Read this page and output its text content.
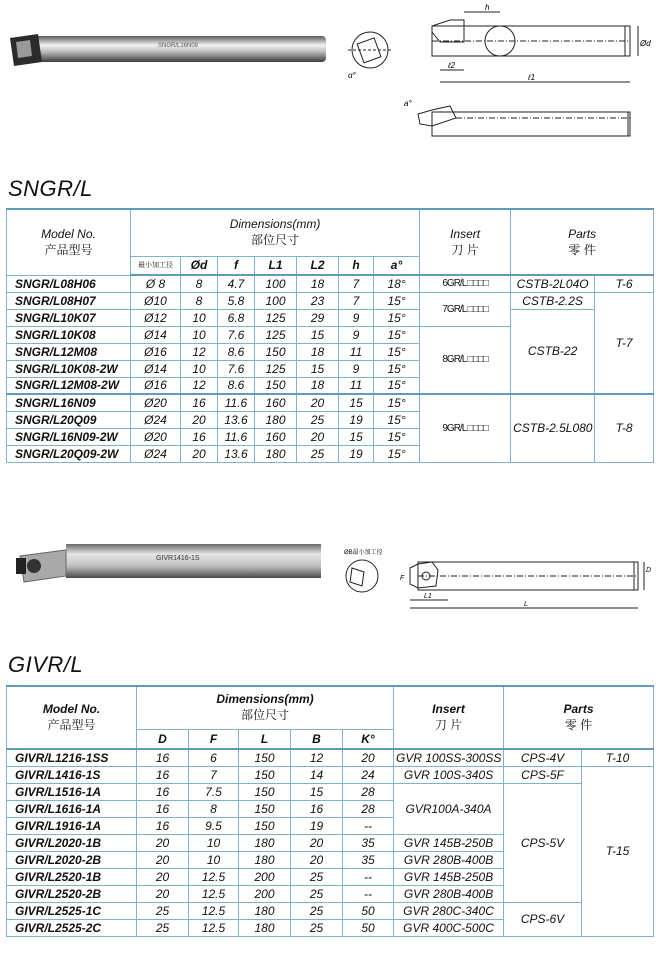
SNGR/L16N09
h
Ød
ℓ2
ℓ1
α°
a°
SNGR/L
Model No.
产品型号	Dimensions(mm)
部位尺寸							Insert
刀 片	Parts
零 件	

	最小加工径	Ød	f	L1	L2	h	a°			
SNGR/L08H06	Ø 8	8	4.7	100	18	7	18°	6GR/L □□□□	CSTB-2L04O	T-6
SNGR/L08H07	Ø10	8	5.8	100	23	7	15°	7GR/L □□□□	CSTB-2.2S	T-7
SNGR/L10K07	Ø12	10	6.8	125	29	9	15°		CSTB-22	
SNGR/L10K08	Ø14	10	7.6	125	15	9	15°	8GR/L □□□□		
SNGR/L12M08	Ø16	12	8.6	150	18	11	15°			
SNGR/L10K08-2W	Ø14	10	7.6	125	15	9	15°			
SNGR/L12M08-2W	Ø16	12	8.6	150	18	11	15°			
SNGR/L16N09	Ø20	16	11.6	160	20	15	15°	9GR/L □□□□	CSTB-2.5L080	T-8
SNGR/L20Q09	Ø24	20	13.6	180	25	19	15°			
SNGR/L16N09-2W	Ø20	16	11.6	160	20	15	15°			
SNGR/L20Q09-2W	Ø24	20	13.6	180	25	19	15°			
GIVR1416-1S
ØB最小加工径
F
D
L1
L
GIVR/L
Model No.
产品型号	Dimensions(mm)
部位尺寸					Insert
刀 片	Parts
零 件	

	D	F	L	B	K°			
GIVR/L1216-1SS	16	6	150	12	20	GVR 100SS-300SS	CPS-4V	T-10
GIVR/L1416-1S	16	7	150	14	24	GVR 100S-340S	CPS-5F	T-15
GIVR/L1516-1A	16	7.5	150	15	28	GVR100A-340A	CPS-5V	
GIVR/L1616-1A	16	8	150	16	28			
GIVR/L1916-1A	16	9.5	150	19	--			
GIVR/L2020-1B	20	10	180	20	35	GVR 145B-250B		
GIVR/L2020-2B	20	10	180	20	35	GVR 280B-400B		
GIVR/L2520-1B	20	12.5	200	25	--	GVR 145B-250B		
GIVR/L2520-2B	20	12.5	200	25	--	GVR 280B-400B		
GIVR/L2525-1C	25	12.5	180	25	50	GVR 280C-340C	CPS-6V	
GIVR/L2525-2C	25	12.5	180	25	50	GVR 400C-500C		
